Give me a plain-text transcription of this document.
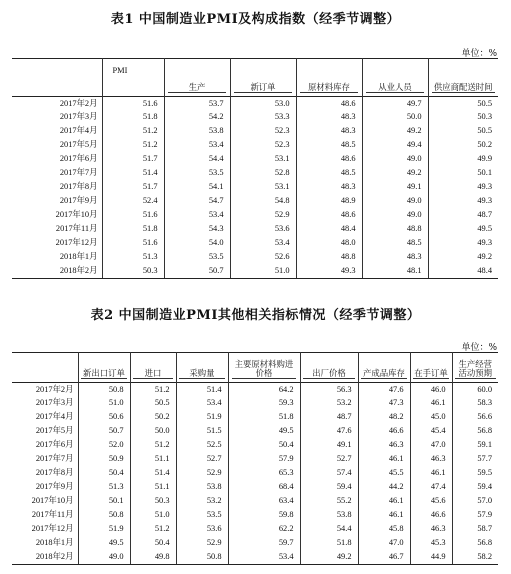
表1 中国制造业PMI及构成指数（经季节调整）
单位：%
	PMI	生产	新订单	原材料库存	从业人员	供应商配送时间
2017年2月	51.6	53.7	53.0	48.6	49.7	50.5
2017年3月	51.8	54.2	53.3	48.3	50.0	50.3
2017年4月	51.2	53.8	52.3	48.3	49.2	50.5
2017年5月	51.2	53.4	52.3	48.5	49.4	50.2
2017年6月	51.7	54.4	53.1	48.6	49.0	49.9
2017年7月	51.4	53.5	52.8	48.5	49.2	50.1
2017年8月	51.7	54.1	53.1	48.3	49.1	49.3
2017年9月	52.4	54.7	54.8	48.9	49.0	49.3
2017年10月	51.6	53.4	52.9	48.6	49.0	48.7
2017年11月	51.8	54.3	53.6	48.4	48.8	49.5
2017年12月	51.6	54.0	53.4	48.0	48.5	49.3
2018年1月	51.3	53.5	52.6	48.8	48.3	49.2
2018年2月	50.3	50.7	51.0	49.3	48.1	48.4
表2 中国制造业PMI其他相关指标情况（经季节调整）
单位：%
	新出口订单	进口	采购量	主要原材料购进价格	出厂价格	产成品库存	在手订单	生产经营活动预期
2017年2月	50.8	51.2	51.4	64.2	56.3	47.6	46.0	60.0
2017年3月	51.0	50.5	53.4	59.3	53.2	47.3	46.1	58.3
2017年4月	50.6	50.2	51.9	51.8	48.7	48.2	45.0	56.6
2017年5月	50.7	50.0	51.5	49.5	47.6	46.6	45.4	56.8
2017年6月	52.0	51.2	52.5	50.4	49.1	46.3	47.0	59.1
2017年7月	50.9	51.1	52.7	57.9	52.7	46.1	46.3	57.7
2017年8月	50.4	51.4	52.9	65.3	57.4	45.5	46.1	59.5
2017年9月	51.3	51.1	53.8	68.4	59.4	44.2	47.4	59.4
2017年10月	50.1	50.3	53.2	63.4	55.2	46.1	45.6	57.0
2017年11月	50.8	51.0	53.5	59.8	53.8	46.1	46.6	57.9
2017年12月	51.9	51.2	53.6	62.2	54.4	45.8	46.3	58.7
2018年1月	49.5	50.4	52.9	59.7	51.8	47.0	45.3	56.8
2018年2月	49.0	49.8	50.8	53.4	49.2	46.7	44.9	58.2
